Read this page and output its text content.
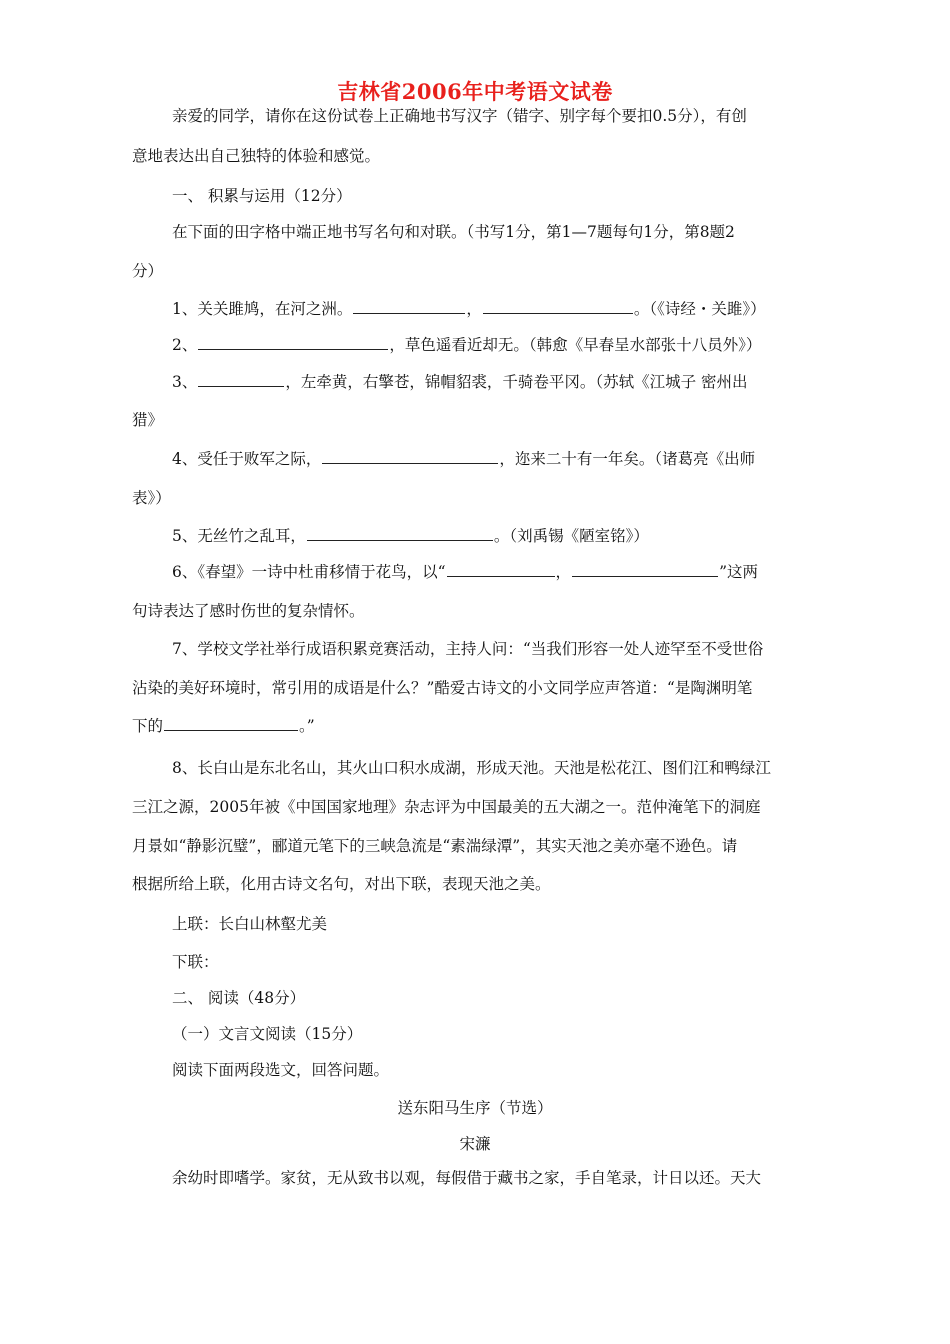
吉林省2006年中考语文试卷
亲爱的同学，请你在这份试卷上正确地书写汉字（错字、别字每个要扣0.5分），有创
意地表达出自己独特的体验和感觉。
一、 积累与运用（12分）
在下面的田字格中端正地书写名句和对联。（书写1分，第1—7题每句1分，第8题2
分）
1、关关雎鸠，在河之洲。	，	。（《诗经・关雎》）
2、	，草色遥看近却无。（韩愈《早春呈水部张十八员外》）
3、	，左牵黄，右擎苍，锦帽貂裘，千骑卷平冈。（苏轼《江城子 密州出
猎》
4、受任于败军之际，	，迩来二十有一年矣。（诸葛亮《出师
表》）
5、无丝竹之乱耳，	。（刘禹锡《陋室铭》）
6、《春望》一诗中杜甫移情于花鸟，以“	，	”这两
句诗表达了感时伤世的复杂情怀。
7、学校文学社举行成语积累竞赛活动，主持人问：“当我们形容一处人迹罕至不受世俗
沾染的美好环境时，常引用的成语是什么？”酷爱古诗文的小文同学应声答道：“是陶渊明笔
下的	。”
8、长白山是东北名山，其火山口积水成湖，形成天池。天池是松花江、图们江和鸭绿江
三江之源，2005年被《中国国家地理》杂志评为中国最美的五大湖之一。范仲淹笔下的洞庭
月景如“静影沉璧”，郦道元笔下的三峡急流是“素湍绿潭”，其实天池之美亦毫不逊色。请
根据所给上联，化用古诗文名句，对出下联，表现天池之美。
上联：长白山林壑尤美
下联：
二、 阅读（48分）
（一）文言文阅读（15分）
阅读下面两段选文，回答问题。
送东阳马生序（节选）
宋濂
余幼时即嗜学。家贫，无从致书以观，每假借于藏书之家，手自笔录，计日以还。天大
